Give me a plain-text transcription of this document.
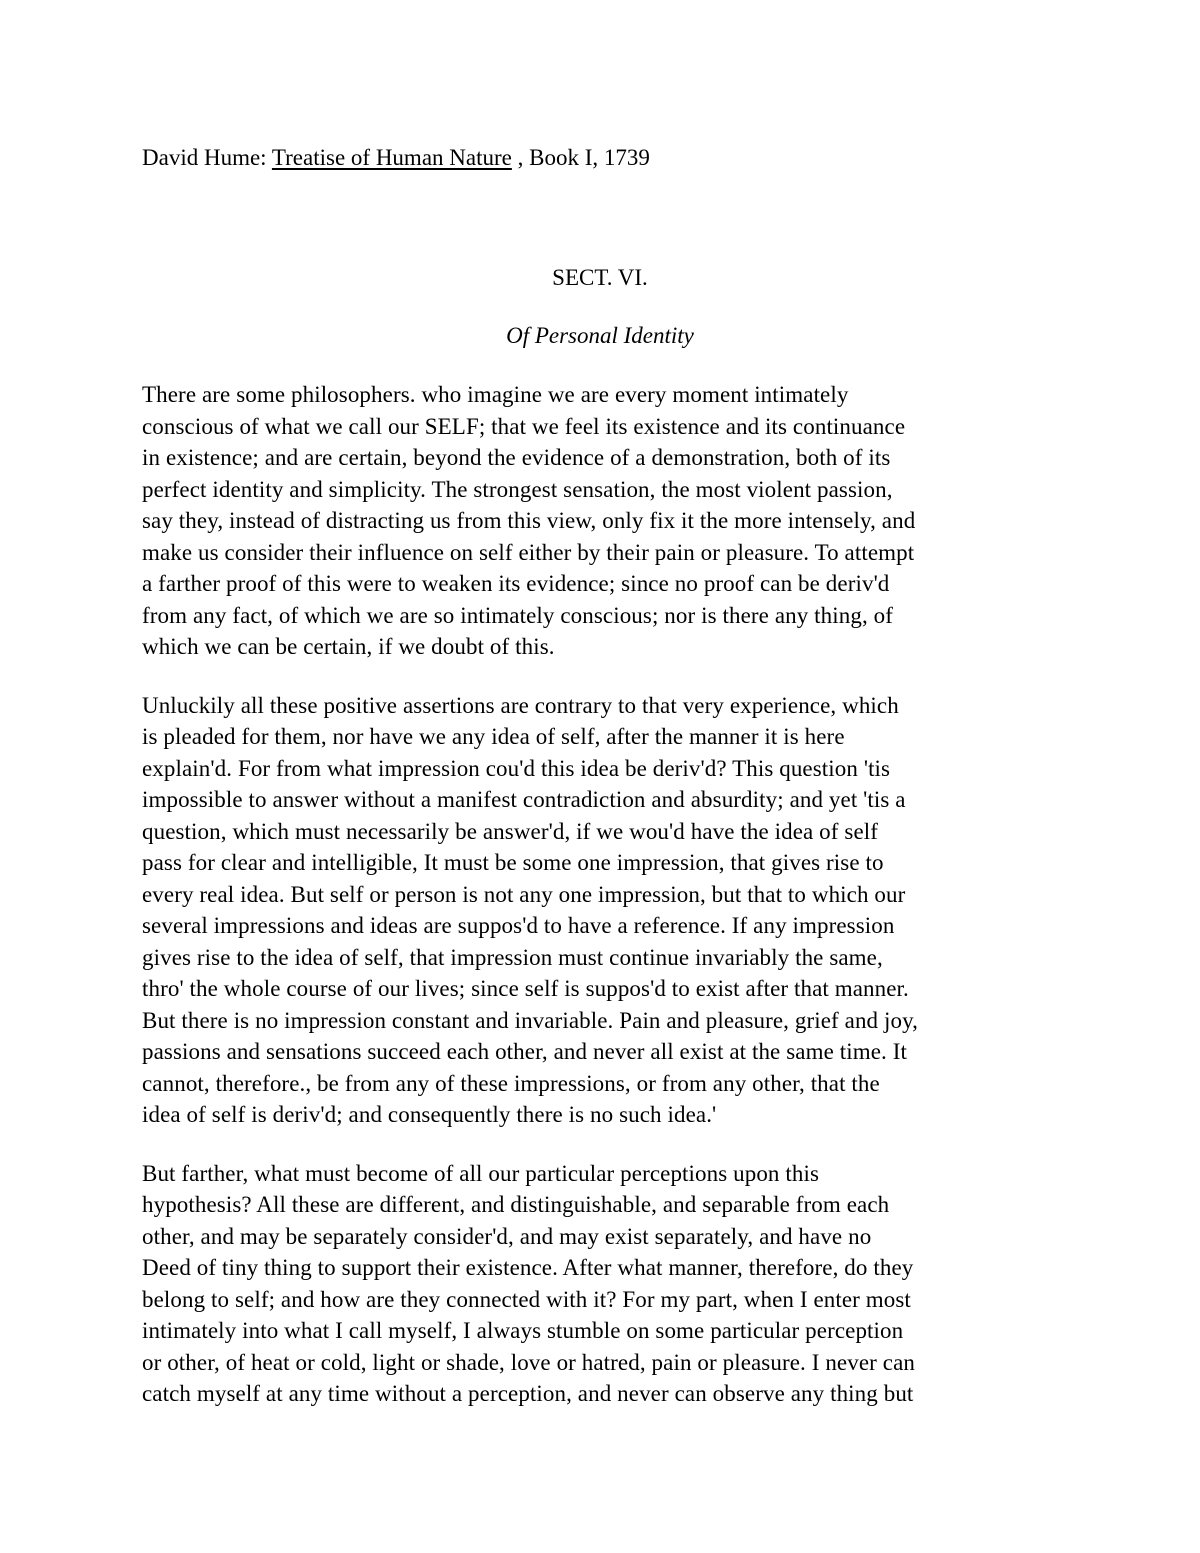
David Hume: Treatise of Human Nature , Book I, 1739
SECT. VI.
Of Personal Identity
There are some philosophers. who imagine we are every moment intimately
conscious of what we call our SELF; that we feel its existence and its continuance
in existence; and are certain, beyond the evidence of a demonstration, both of its
perfect identity and simplicity. The strongest sensation, the most violent passion,
say they, instead of distracting us from this view, only fix it the more intensely, and
make us consider their influence on self either by their pain or pleasure. To attempt
a farther proof of this were to weaken its evidence; since no proof can be deriv'd
from any fact, of which we are so intimately conscious; nor is there any thing, of
which we can be certain, if we doubt of this.
Unluckily all these positive assertions are contrary to that very experience, which
is pleaded for them, nor have we any idea of self, after the manner it is here
explain'd. For from what impression cou'd this idea be deriv'd? This question 'tis
impossible to answer without a manifest contradiction and absurdity; and yet 'tis a
question, which must necessarily be answer'd, if we wou'd have the idea of self
pass for clear and intelligible, It must be some one impression, that gives rise to
every real idea. But self or person is not any one impression, but that to which our
several impressions and ideas are suppos'd to have a reference. If any impression
gives rise to the idea of self, that impression must continue invariably the same,
thro' the whole course of our lives; since self is suppos'd to exist after that manner.
But there is no impression constant and invariable. Pain and pleasure, grief and joy,
passions and sensations succeed each other, and never all exist at the same time. It
cannot, therefore., be from any of these impressions, or from any other, that the
idea of self is deriv'd; and consequently there is no such idea.'
But farther, what must become of all our particular perceptions upon this
hypothesis? All these are different, and distinguishable, and separable from each
other, and may be separately consider'd, and may exist separately, and have no
Deed of tiny thing to support their existence. After what manner, therefore, do they
belong to self; and how are they connected with it? For my part, when I enter most
intimately into what I call myself, I always stumble on some particular perception
or other, of heat or cold, light or shade, love or hatred, pain or pleasure. I never can
catch myself at any time without a perception, and never can observe any thing but
